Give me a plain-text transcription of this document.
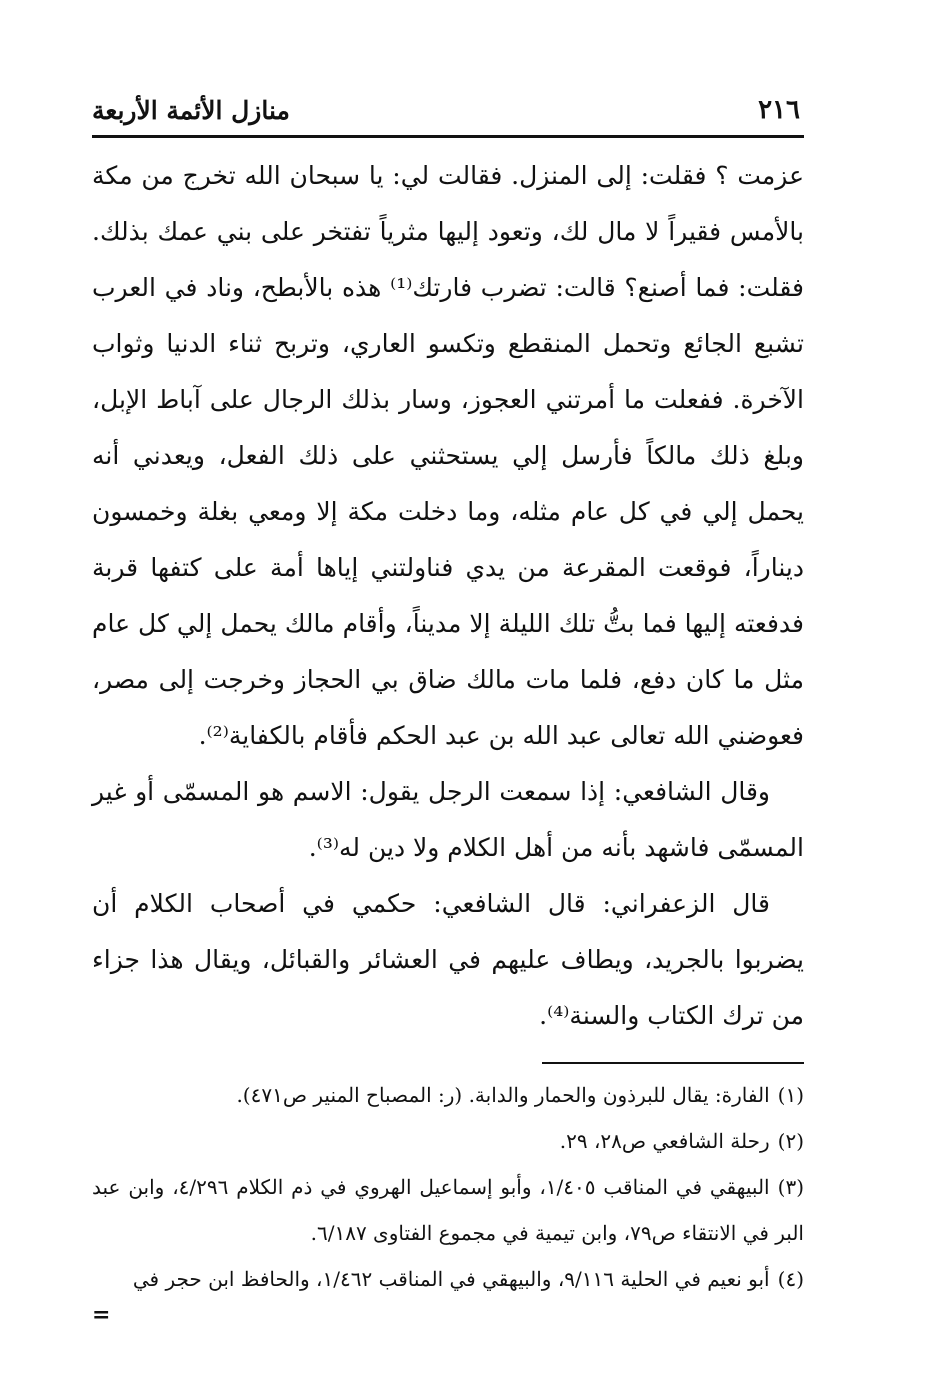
٢١٦
منازل الأئمة الأربعة

عزمت ؟ فقلت: إلى المنزل. فقالت لي: يا سبحان الله تخرج من مكة بالأمس فقيراً لا مال لك، وتعود إليها مثرياً تفتخر على بني عمك بذلك. فقلت: فما أصنع؟ قالت: تضرب فارتك⁽¹⁾ هذه بالأبطح، وناد في العرب تشبع الجائع وتحمل المنقطع وتكسو العاري، وتربح ثناء الدنيا وثواب الآخرة. ففعلت ما أمرتني العجوز، وسار بذلك الرجال على آباط الإبل، وبلغ ذلك مالكاً فأرسل إلي يستحثني على ذلك الفعل، ويعدني أنه يحمل إلي في كل عام مثله، وما دخلت مكة إلا ومعي بغلة وخمسون ديناراً، فوقعت المقرعة من يدي فناولتني إياها أمة على كتفها قربة فدفعته إليها فما بتُّ تلك الليلة إلا مديناً، وأقام مالك يحمل إلي كل عام مثل ما كان دفع، فلما مات مالك ضاق بي الحجاز وخرجت إلى مصر، فعوضني الله تعالى عبد الله بن عبد الحكم فأقام بالكفاية⁽²⁾.

وقال الشافعي: إذا سمعت الرجل يقول: الاسم هو المسمّى أو غير المسمّى فاشهد بأنه من أهل الكلام ولا دين له⁽³⁾.

قال الزعفراني: قال الشافعي: حكمي في أصحاب الكلام أن يضربوا بالجريد، ويطاف عليهم في العشائر والقبائل، ويقال هذا جزاء من ترك الكتاب والسنة⁽⁴⁾.

(١)الفارة: يقال للبرذون والحمار والدابة. (ر: المصباح المنير ص٤٧١).

(٢)رحلة الشافعي ص٢٨، ٢٩.

(٣)البيهقي في المناقب ١/٤٠٥، وأبو إسماعيل الهروي في ذم الكلام ٤/٢٩٦، وابن عبد البر في الانتقاء ص٧٩، وابن تيمية في مجموع الفتاوى ٦/١٨٧.

(٤)أبو نعيم في الحلية ٩/١١٦، والبيهقي في المناقب ١/٤٦٢، والحافظ ابن حجر في

=
